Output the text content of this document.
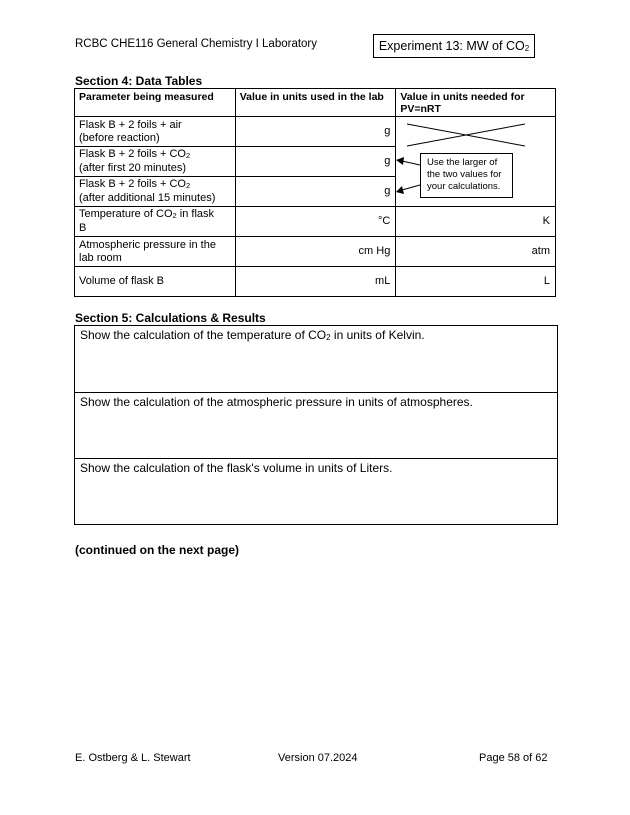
RCBC CHE116 General Chemistry I Laboratory	Experiment 13: MW of $CO_2$
Section 4: Data Tables
Parameter being measured	Value in units used in the lab	Value in units needed for PV=nRT
Flask B + 2 foils + air
(before reaction)	g	
Flask B + 2 foils + $CO_2$
(after first 20 minutes)	g	
Flask B + 2 foils + $CO_2$
(after additional 15 minutes)	g	
Temperature of $CO_2$ in flask
B	°C	K
Atmospheric pressure in the
lab room	cm Hg	atm
Volume of flask B	mL	L
Use the larger of
the two values for
your calculations.
Section 5: Calculations & Results
Show the calculation of the temperature of $CO_2$ in units of Kelvin.
Show the calculation of the atmospheric pressure in units of atmospheres.
Show the calculation of the flask's volume in units of Liters.
(continued on the next page)
E. Ostberg & L. Stewart	Version 07.2024	Page 58 of 62
